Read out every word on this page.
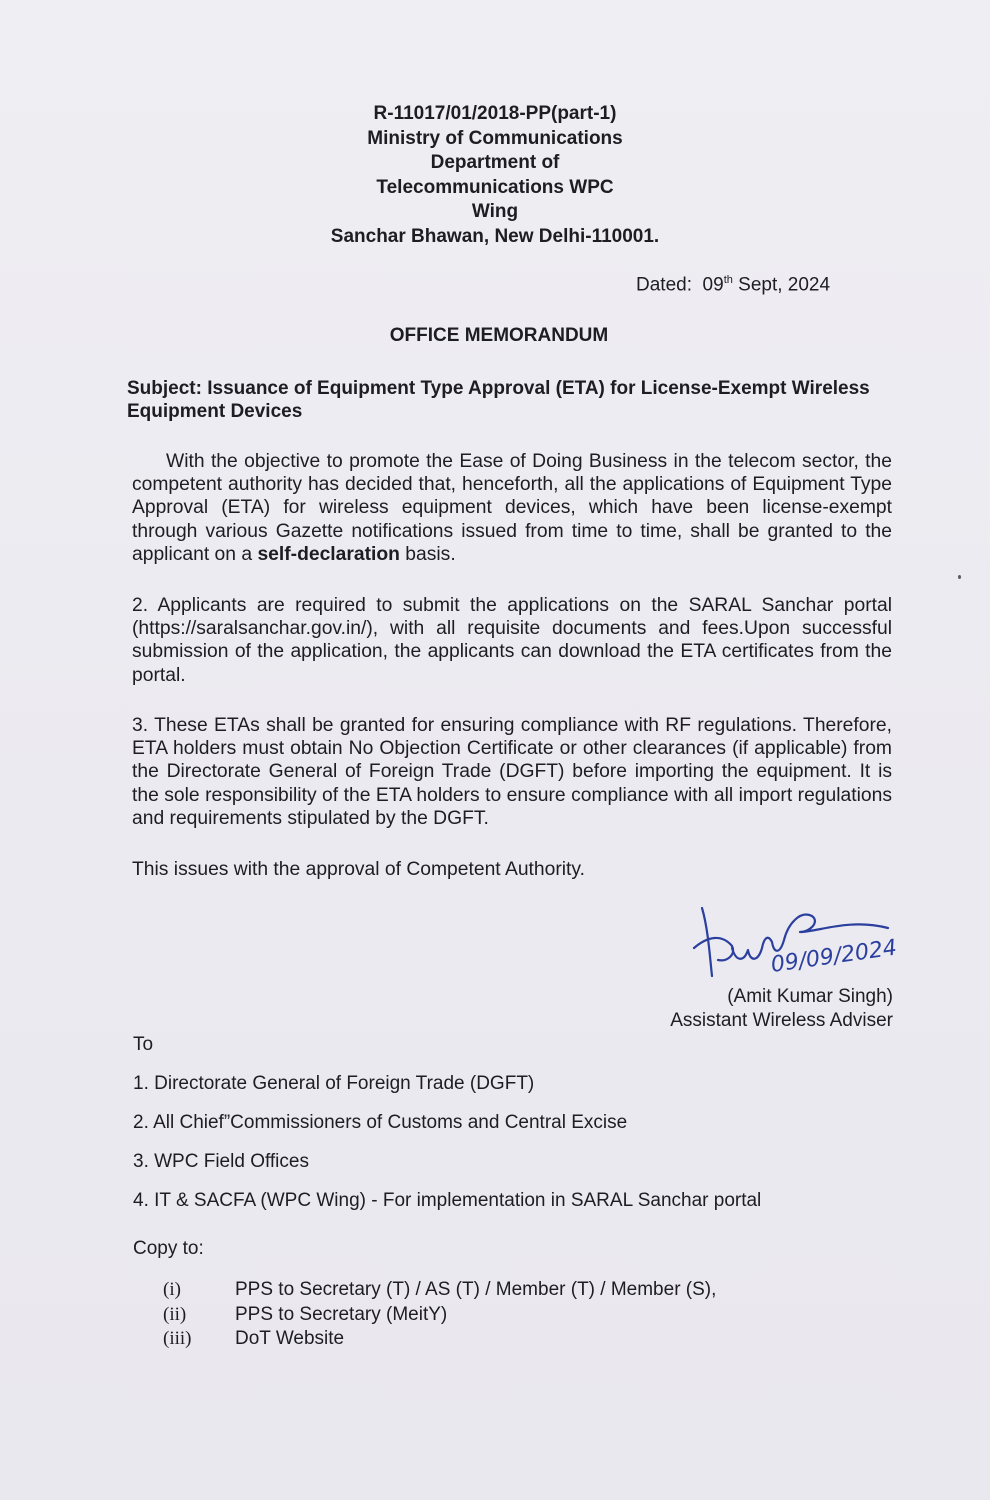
R-11017/01/2018-PP(part-1)
Ministry of Communications
Department of
Telecommunications WPC
Wing
Sanchar Bhawan, New Delhi-110001.
Dated: 09th Sept, 2024
OFFICE MEMORANDUM
Subject: Issuance of Equipment Type Approval (ETA) for License-Exempt Wireless Equipment Devices
With the objective to promote the Ease of Doing Business in the telecom sector, the competent authority has decided that, henceforth, all the applications of Equipment Type Approval (ETA) for wireless equipment devices, which have been license-exempt through various Gazette notifications issued from time to time, shall be granted to the applicant on a self-declaration basis.
2. Applicants are required to submit the applications on the SARAL Sanchar portal (https://saralsanchar.gov.in/), with all requisite documents and fees.Upon successful submission of the application, the applicants can download the ETA certificates from the portal.
3. These ETAs shall be granted for ensuring compliance with RF regulations. Therefore, ETA holders must obtain No Objection Certificate or other clearances (if applicable) from the Directorate General of Foreign Trade (DGFT) before importing the equipment. It is the sole responsibility of the ETA holders to ensure compliance with all import regulations and requirements stipulated by the DGFT.
This issues with the approval of Competent Authority.
09/09/2024
(Amit Kumar Singh)
Assistant Wireless Adviser
To
1. Directorate General of Foreign Trade (DGFT)
2. All Chief”Commissioners of Customs and Central Excise
3. WPC Field Offices
4. IT & SACFA (WPC Wing) - For implementation in SARAL Sanchar portal
Copy to:
(i)	PPS to Secretary (T) / AS (T) / Member (T) / Member (S),
(ii)	PPS to Secretary (MeitY)
(iii)	DoT Website
